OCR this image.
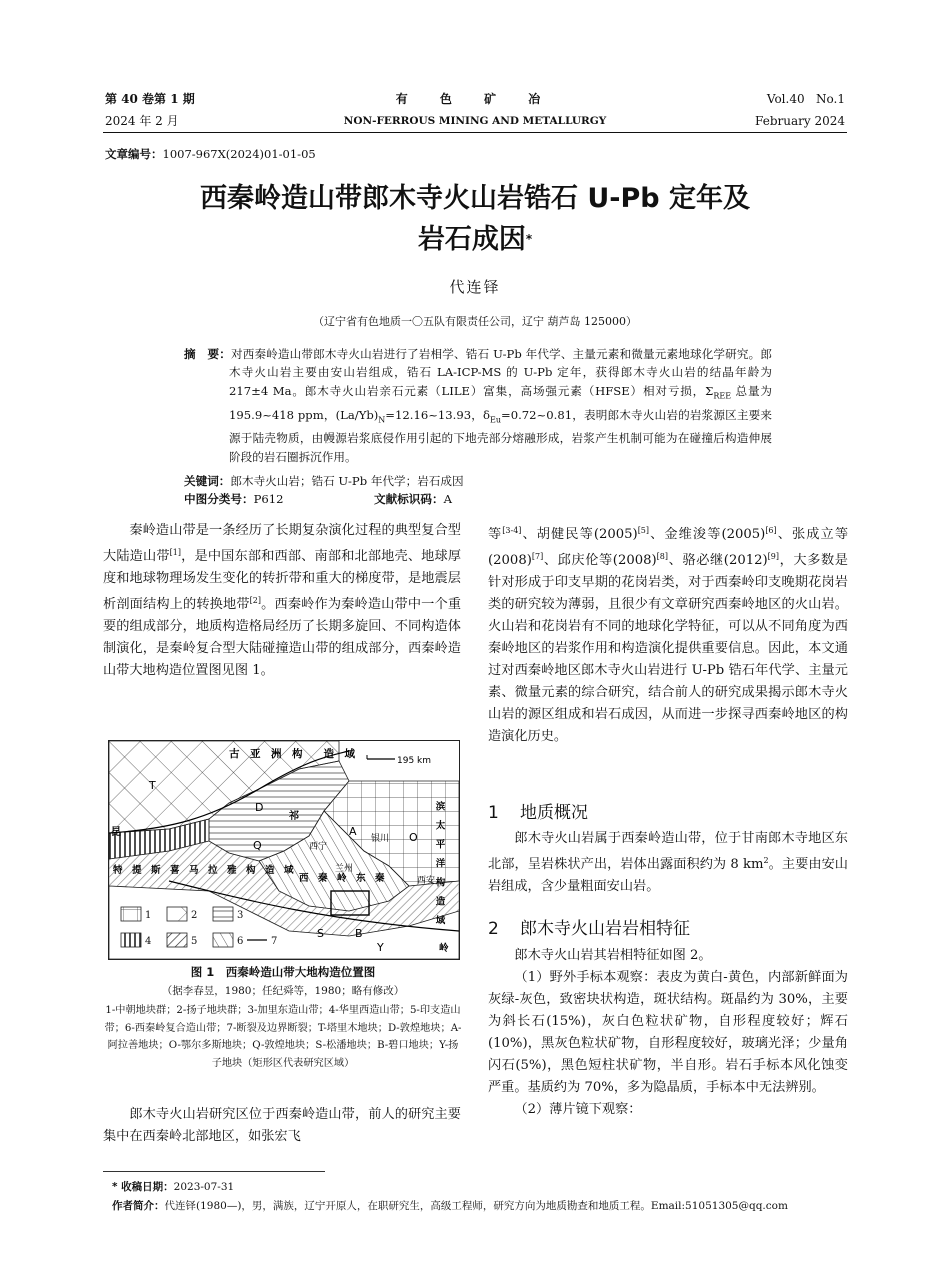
第 40 卷第 1 期
2024 年 2 月
有 色 矿 冶
NON-FERROUS MINING AND METALLURGY
Vol.40   No.1
February 2024
文章编号：1007-967X(2024)01-01-05
西秦岭造山带郎木寺火山岩锆石 U-Pb 定年及
岩石成因*
代连铎
（辽宁省有色地质一〇五队有限责任公司，辽宁 葫芦岛 125000）
摘　要：对西秦岭造山带郎木寺火山岩进行了岩相学、锆石 U-Pb 年代学、主量元素和微量元素地球化学研究。郎木寺火山岩主要由安山岩组成，锆石 LA-ICP-MS 的 U-Pb 定年，获得郎木寺火山岩的结晶年龄为 217±4 Ma。郎木寺火山岩亲石元素（LILE）富集，高场强元素（HFSE）相对亏损，$\Sigma_{REE}$ 总量为 195.9~418 ppm，$(La/Yb)_N=12.16\sim 13.93$，$\delta_{Eu}=0.72\sim 0.81$，表明郎木寺火山岩的岩浆源区主要来源于陆壳物质，由幔源岩浆底侵作用引起的下地壳部分熔融形成，岩浆产生机制可能为在碰撞后构造伸展阶段的岩石圈拆沉作用。
关键词：郎木寺火山岩；锆石 U-Pb 年代学；岩石成因
中图分类号：P612	文献标识码：A

秦岭造山带是一条经历了长期复杂演化过程的典型复合型大陆造山带[1]，是中国东部和西部、南部和北部地壳、地球厚度和地球物理场发生变化的转折带和重大的梯度带，是地震层析剖面结构上的转换地带[2]。西秦岭作为秦岭造山带中一个重要的组成部分，地质构造格局经历了长期多旋回、不同构造体制演化，是秦岭复合型大陆碰撞造山带的组成部分，西秦岭造山带大地构造位置图见图 1。

1	2	3
4	5	6	7
古　亚　洲　构　　造　域
195 km
T
D
Q
A	O
S	B
Y
昆
祁
银川
西宁
兰州
西安
西　秦　岭　东　秦
岭
特　提　斯　喜　马　拉　雅　构　造　域	滨　太　平　洋　构　造　域
图 1　西秦岭造山带大地构造位置图
（据李春昱，1980；任纪舜等，1980；略有修改）
1-中朝地块群；2-扬子地块群；3-加里东造山带；4-华里西造山带；5-印支造山带；6-西秦岭复合造山带；7-断裂及边界断裂；T-塔里木地块；D-敦煌地块；A-阿拉善地块；O-鄂尔多斯地块；Q-敦煌地块；S-松潘地块；B-碧口地块；Y-扬子地块（矩形区代表研究区域）

郎木寺火山岩研究区位于西秦岭造山带，前人的研究主要集中在西秦岭北部地区，如张宏飞

等[3-4]、胡健民等(2005)[5]、金维浚等(2005)[6]、张成立等(2008)[7]、邱庆伦等(2008)[8]、骆必继(2012)[9]，大多数是针对形成于印支早期的花岗岩类，对于西秦岭印支晚期花岗岩类的研究较为薄弱，且很少有文章研究西秦岭地区的火山岩。火山岩和花岗岩有不同的地球化学特征，可以从不同角度为西秦岭地区的岩浆作用和构造演化提供重要信息。因此，本文通过对西秦岭地区郎木寺火山岩进行 U-Pb 锆石年代学、主量元素、微量元素的综合研究，结合前人的研究成果揭示郎木寺火山岩的源区组成和岩石成因，从而进一步探寻西秦岭地区的构造演化历史。

1 地质概况

郎木寺火山岩属于西秦岭造山带，位于甘南郎木寺地区东北部，呈岩株状产出，岩体出露面积约为 8 $km^2$。主要由安山岩组成，含少量粗面安山岩。

2 郎木寺火山岩岩相特征

郎木寺火山岩其岩相特征如图 2。

（1）野外手标本观察：表皮为黄白-黄色，内部新鲜面为灰绿-灰色，致密块状构造，斑状结构。斑晶约为 30%，主要为斜长石(15%)，灰白色粒状矿物，自形程度较好；辉石(10%)，黑灰色粒状矿物，自形程度较好，玻璃光泽；少量角闪石(5%)，黑色短柱状矿物，半自形。岩石手标本风化蚀变严重。基质约为 70%，多为隐晶质，手标本中无法辨别。

（2）薄片镜下观察：

* 收稿日期：2023-07-31
作者简介：代连铎(1980—)，男，满族，辽宁开原人，在职研究生，高级工程师，研究方向为地质勘查和地质工程。Email:51051305@qq.com
